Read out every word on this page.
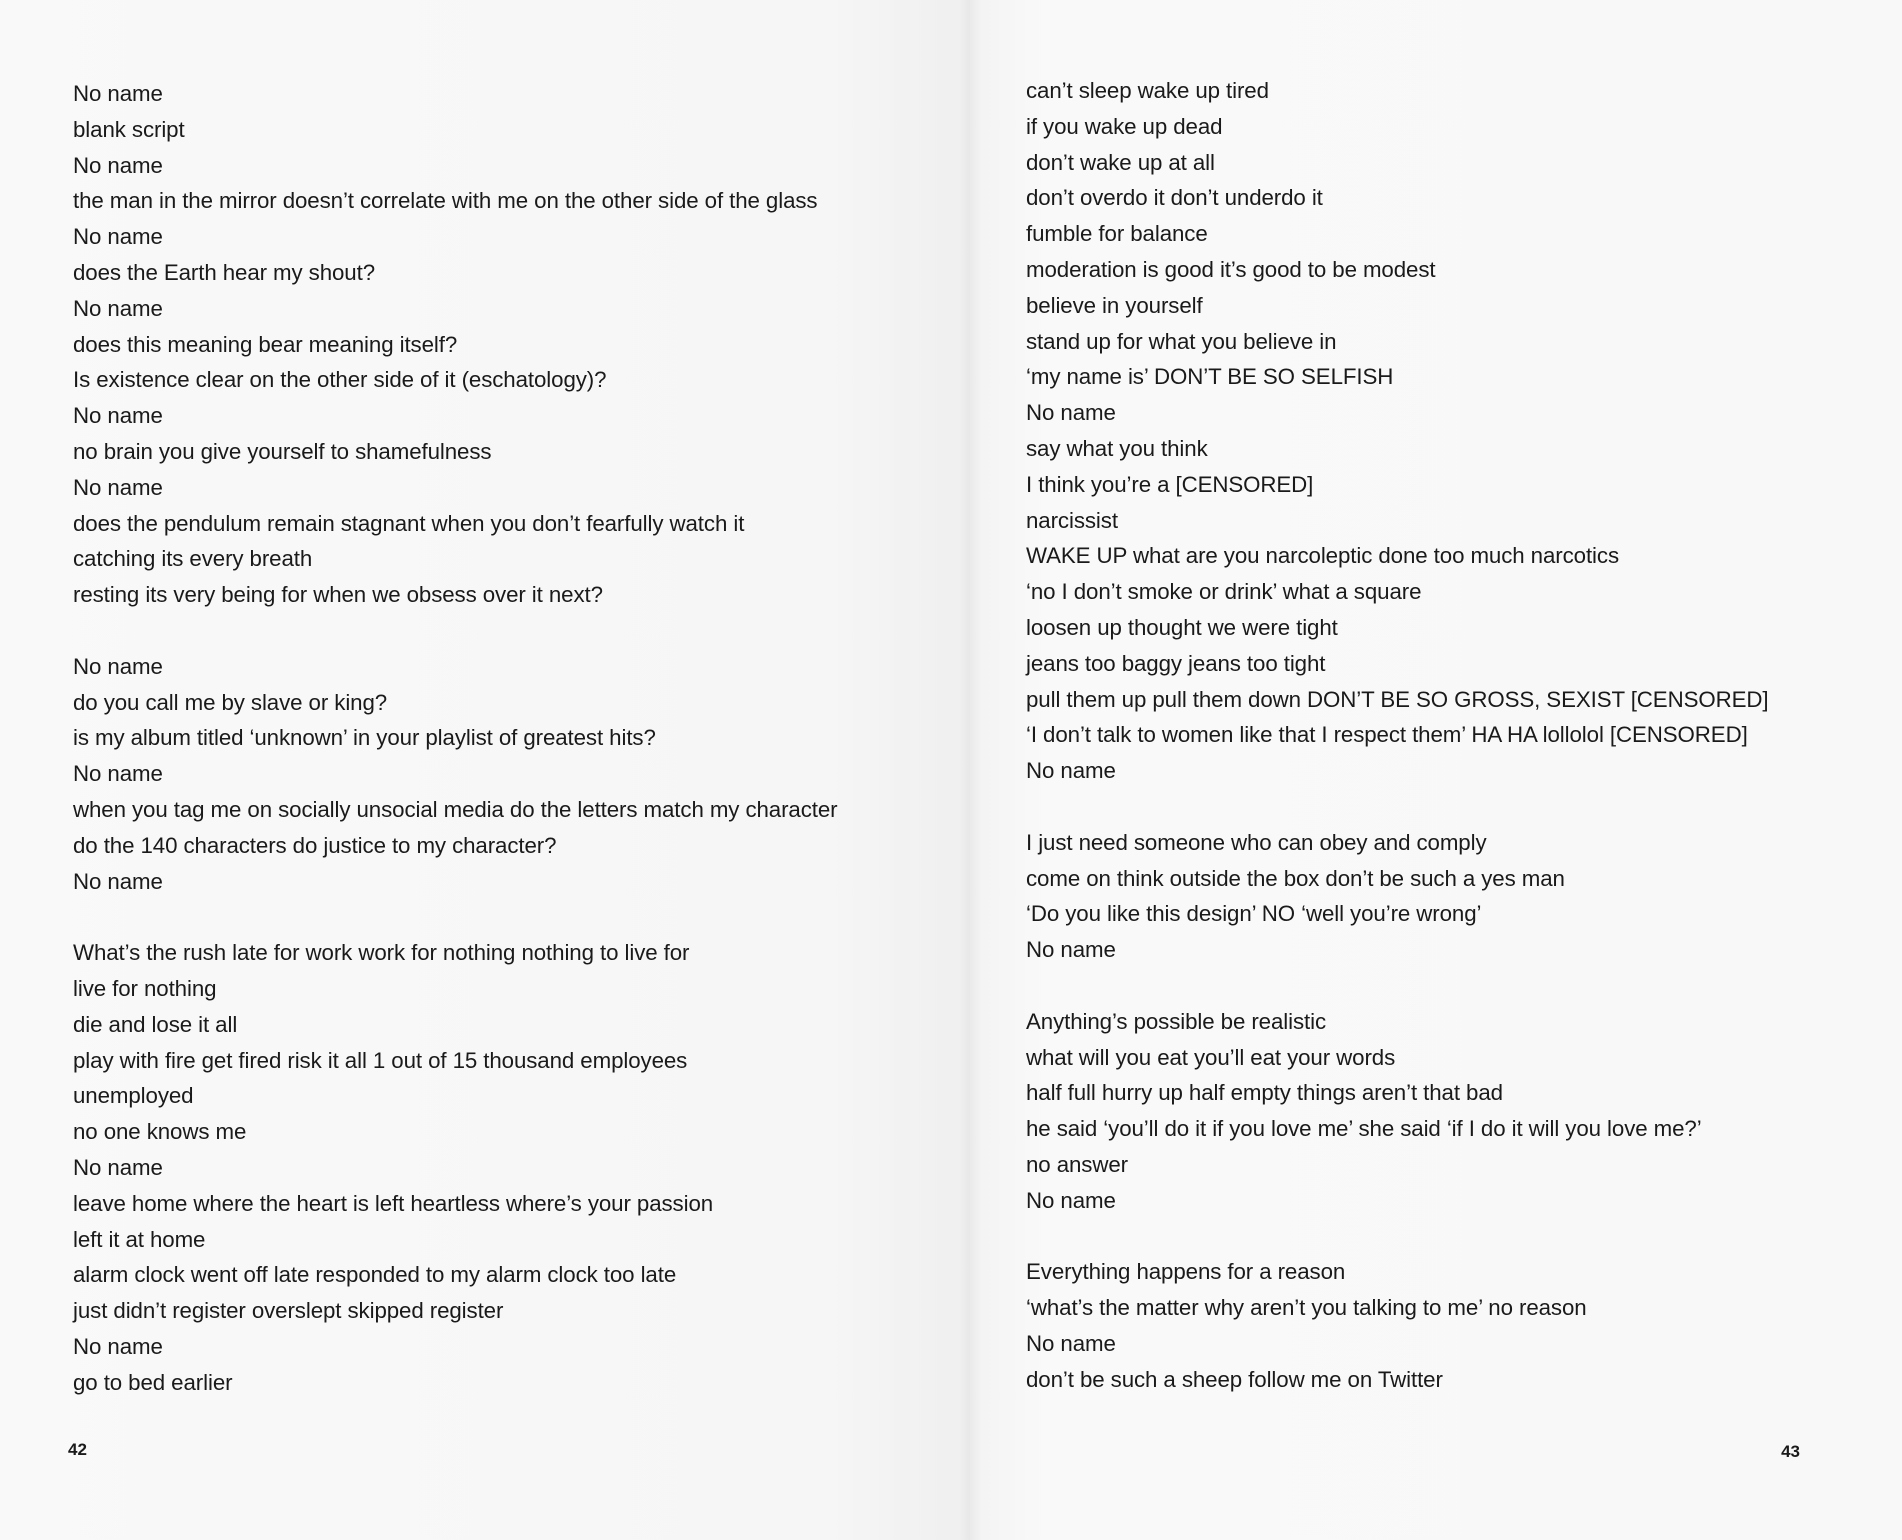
No name
blank script
No name
the man in the mirror doesn’t correlate with me on the other side of the glass
No name
does the Earth hear my shout?
No name
does this meaning bear meaning itself?
Is existence clear on the other side of it (eschatology)?
No name
no brain you give yourself to shamefulness
No name
does the pendulum remain stagnant when you don’t fearfully watch it
catching its every breath
resting its very being for when we obsess over it next?
No name
do you call me by slave or king?
is my album titled ‘unknown’ in your playlist of greatest hits?
No name
when you tag me on socially unsocial media do the letters match my character
do the 140 characters do justice to my character?
No name
What’s the rush late for work work for nothing nothing to live for
live for nothing
die and lose it all
play with fire get fired risk it all 1 out of 15 thousand employees
unemployed
no one knows me
No name
leave home where the heart is left heartless where’s your passion
left it at home
alarm clock went off late responded to my alarm clock too late
just didn’t register overslept skipped register
No name
go to bed earlier
42
can’t sleep wake up tired
if you wake up dead
don’t wake up at all
don’t overdo it don’t underdo it
fumble for balance
moderation is good it’s good to be modest
believe in yourself
stand up for what you believe in
‘my name is’ DON’T BE SO SELFISH
No name
say what you think
I think you’re a [CENSORED]
narcissist
WAKE UP what are you narcoleptic done too much narcotics
‘no I don’t smoke or drink’ what a square
loosen up thought we were tight
jeans too baggy jeans too tight
pull them up pull them down DON’T BE SO GROSS, SEXIST [CENSORED]
‘I don’t talk to women like that I respect them’ HA HA lollolol [CENSORED]
No name
I just need someone who can obey and comply
come on think outside the box don’t be such a yes man
‘Do you like this design’ NO ‘well you’re wrong’
No name
Anything’s possible be realistic
what will you eat you’ll eat your words
half full hurry up half empty things aren’t that bad
he said ‘you’ll do it if you love me’ she said ‘if I do it will you love me?’
no answer
No name
Everything happens for a reason
‘what’s the matter why aren’t you talking to me’ no reason
No name
don’t be such a sheep follow me on Twitter
43
